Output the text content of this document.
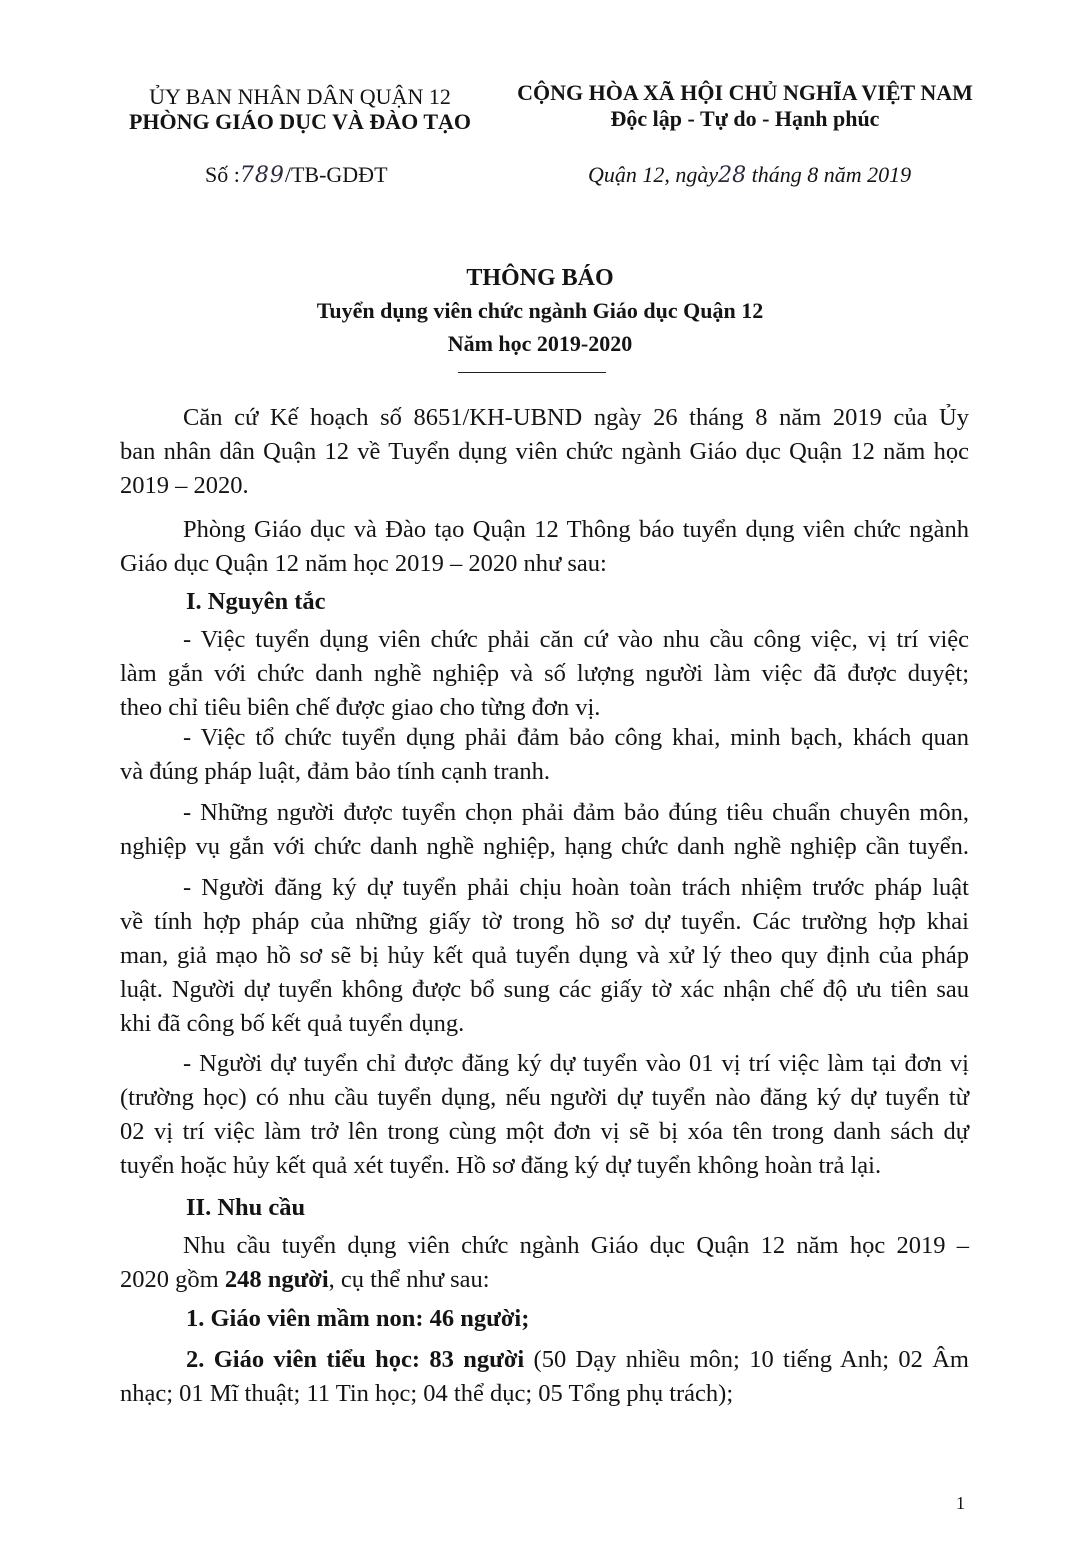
ỦY BAN NHÂN DÂN QUẬN 12
PHÒNG GIÁO DỤC VÀ ĐÀO TẠO
CỘNG HÒA XÃ HỘI CHỦ NGHĨA VIỆT NAM
Độc lập - Tự do - Hạnh phúc
Số :789/TB-GDĐT	Quận 12, ngày28 tháng 8 năm 2019
THÔNG BÁO
Tuyển dụng viên chức ngành Giáo dục Quận 12
Năm học 2019-2020
Căn cứ Kế hoạch số 8651/KH-UBND ngày 26 tháng 8 năm 2019 của Ủy
ban nhân dân Quận 12 về Tuyển dụng viên chức ngành Giáo dục Quận 12 năm học
2019 – 2020.
Phòng Giáo dục và Đào tạo Quận 12 Thông báo tuyển dụng viên chức ngành
Giáo dục Quận 12 năm học 2019 – 2020 như sau:
I. Nguyên tắc
- Việc tuyển dụng viên chức phải căn cứ vào nhu cầu công việc, vị trí việc
làm gắn với chức danh nghề nghiệp và số lượng người làm việc đã được duyệt;
theo chỉ tiêu biên chế được giao cho từng đơn vị.
- Việc tổ chức tuyển dụng phải đảm bảo công khai, minh bạch, khách quan
và đúng pháp luật, đảm bảo tính cạnh tranh.
- Những người được tuyển chọn phải đảm bảo đúng tiêu chuẩn chuyên môn,
nghiệp vụ gắn với chức danh nghề nghiệp, hạng chức danh nghề nghiệp cần tuyển.
- Người đăng ký dự tuyển phải chịu hoàn toàn trách nhiệm trước pháp luật
về tính hợp pháp của những giấy tờ trong hồ sơ dự tuyển. Các trường hợp khai
man, giả mạo hồ sơ sẽ bị hủy kết quả tuyển dụng và xử lý theo quy định của pháp
luật. Người dự tuyển không được bổ sung các giấy tờ xác nhận chế độ ưu tiên sau
khi đã công bố kết quả tuyển dụng.
- Người dự tuyển chỉ được đăng ký dự tuyển vào 01 vị trí việc làm tại đơn vị
(trường học) có nhu cầu tuyển dụng, nếu người dự tuyển nào đăng ký dự tuyển từ
02 vị trí việc làm trở lên trong cùng một đơn vị sẽ bị xóa tên trong danh sách dự
tuyển hoặc hủy kết quả xét tuyển. Hồ sơ đăng ký dự tuyển không hoàn trả lại.
II. Nhu cầu
Nhu cầu tuyển dụng viên chức ngành Giáo dục Quận 12 năm học 2019 –
2020 gồm 248 người, cụ thể như sau:
1. Giáo viên mầm non: 46 người;
2. Giáo viên tiểu học: 83 người (50 Dạy nhiều môn; 10 tiếng Anh; 02 Âm
nhạc; 01 Mĩ thuật; 11 Tin học; 04 thể dục; 05 Tổng phụ trách);
1
